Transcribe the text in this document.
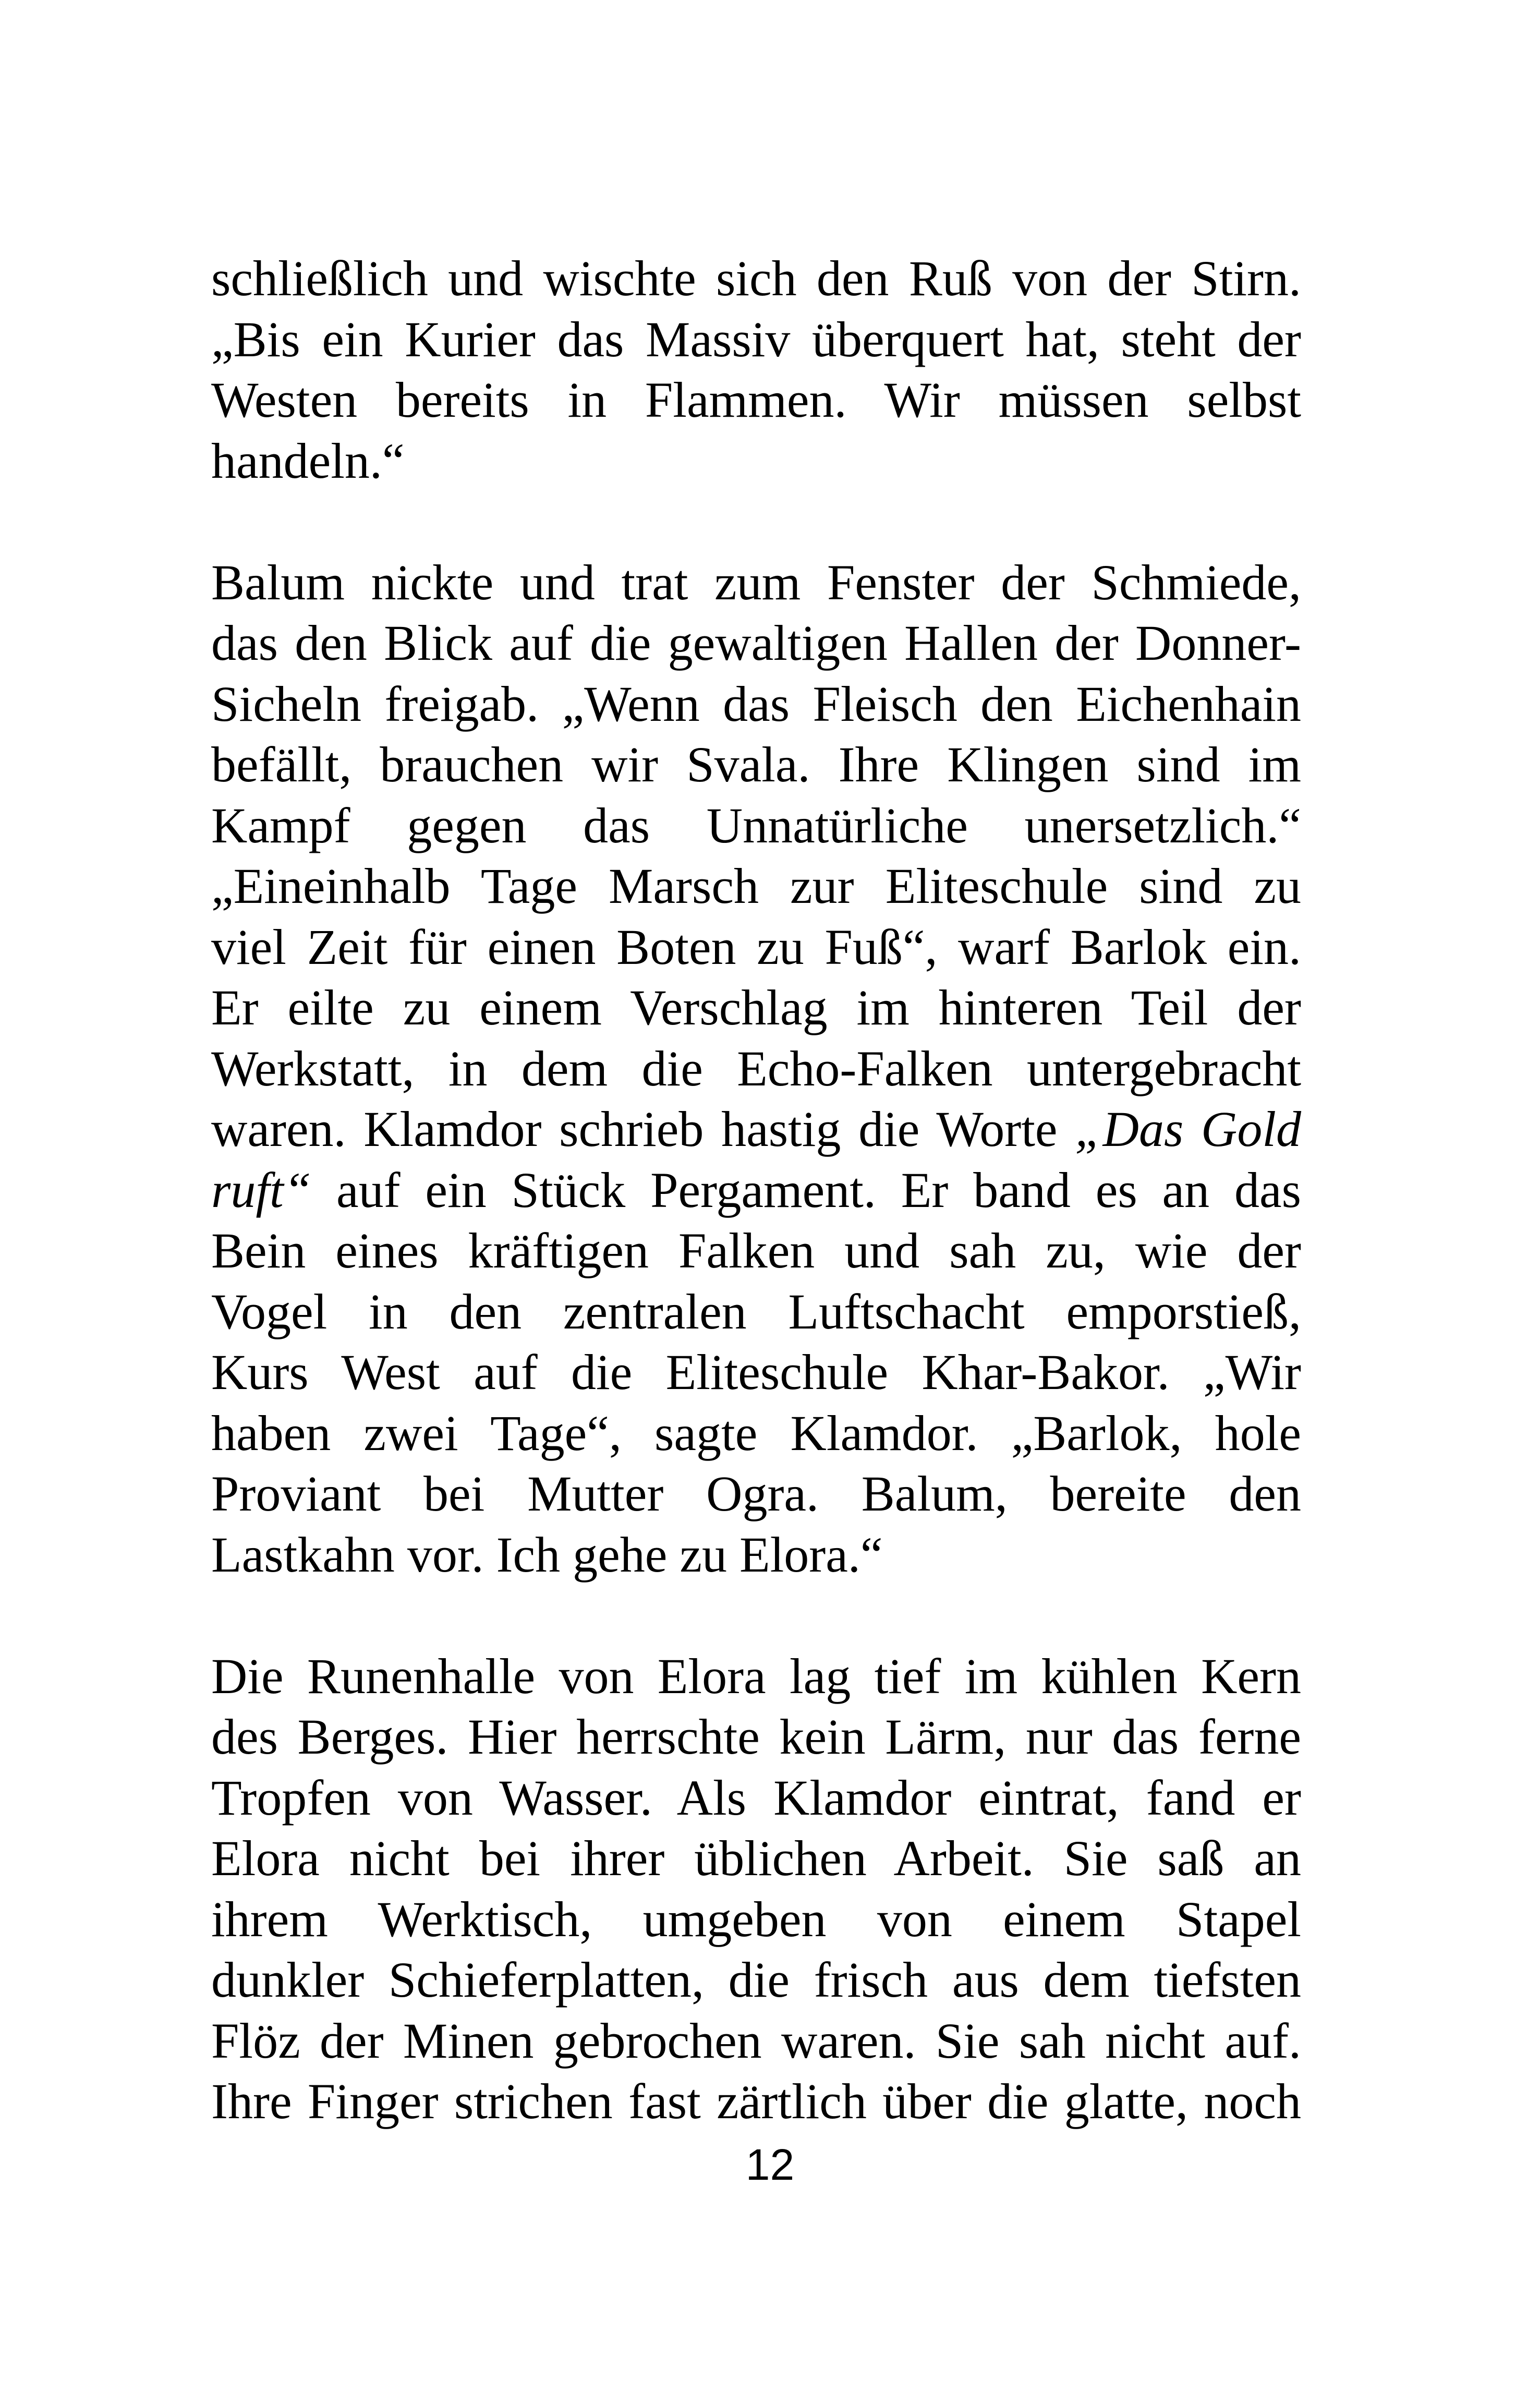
schließlich und wischte sich den Ruß von der Stirn.
„Bis ein Kurier das Massiv überquert hat, steht der
Westen bereits in Flammen. Wir müssen selbst
handeln.“
Balum nickte und trat zum Fenster der Schmiede,
das den Blick auf die gewaltigen Hallen der Donner-
Sicheln freigab. „Wenn das Fleisch den Eichenhain
befällt, brauchen wir Svala. Ihre Klingen sind im
Kampf gegen das Unnatürliche unersetzlich.“
„Eineinhalb Tage Marsch zur Eliteschule sind zu
viel Zeit für einen Boten zu Fuß“, warf Barlok ein.
Er eilte zu einem Verschlag im hinteren Teil der
Werkstatt, in dem die Echo-Falken untergebracht
waren. Klamdor schrieb hastig die Worte „Das Gold
ruft“ auf ein Stück Pergament. Er band es an das
Bein eines kräftigen Falken und sah zu, wie der
Vogel in den zentralen Luftschacht emporstieß,
Kurs West auf die Eliteschule Khar-Bakor. „Wir
haben zwei Tage“, sagte Klamdor. „Barlok, hole
Proviant bei Mutter Ogra. Balum, bereite den
Lastkahn vor. Ich gehe zu Elora.“
Die Runenhalle von Elora lag tief im kühlen Kern
des Berges. Hier herrschte kein Lärm, nur das ferne
Tropfen von Wasser. Als Klamdor eintrat, fand er
Elora nicht bei ihrer üblichen Arbeit. Sie saß an
ihrem Werktisch, umgeben von einem Stapel
dunkler Schieferplatten, die frisch aus dem tiefsten
Flöz der Minen gebrochen waren. Sie sah nicht auf.
Ihre Finger strichen fast zärtlich über die glatte, noch
12
